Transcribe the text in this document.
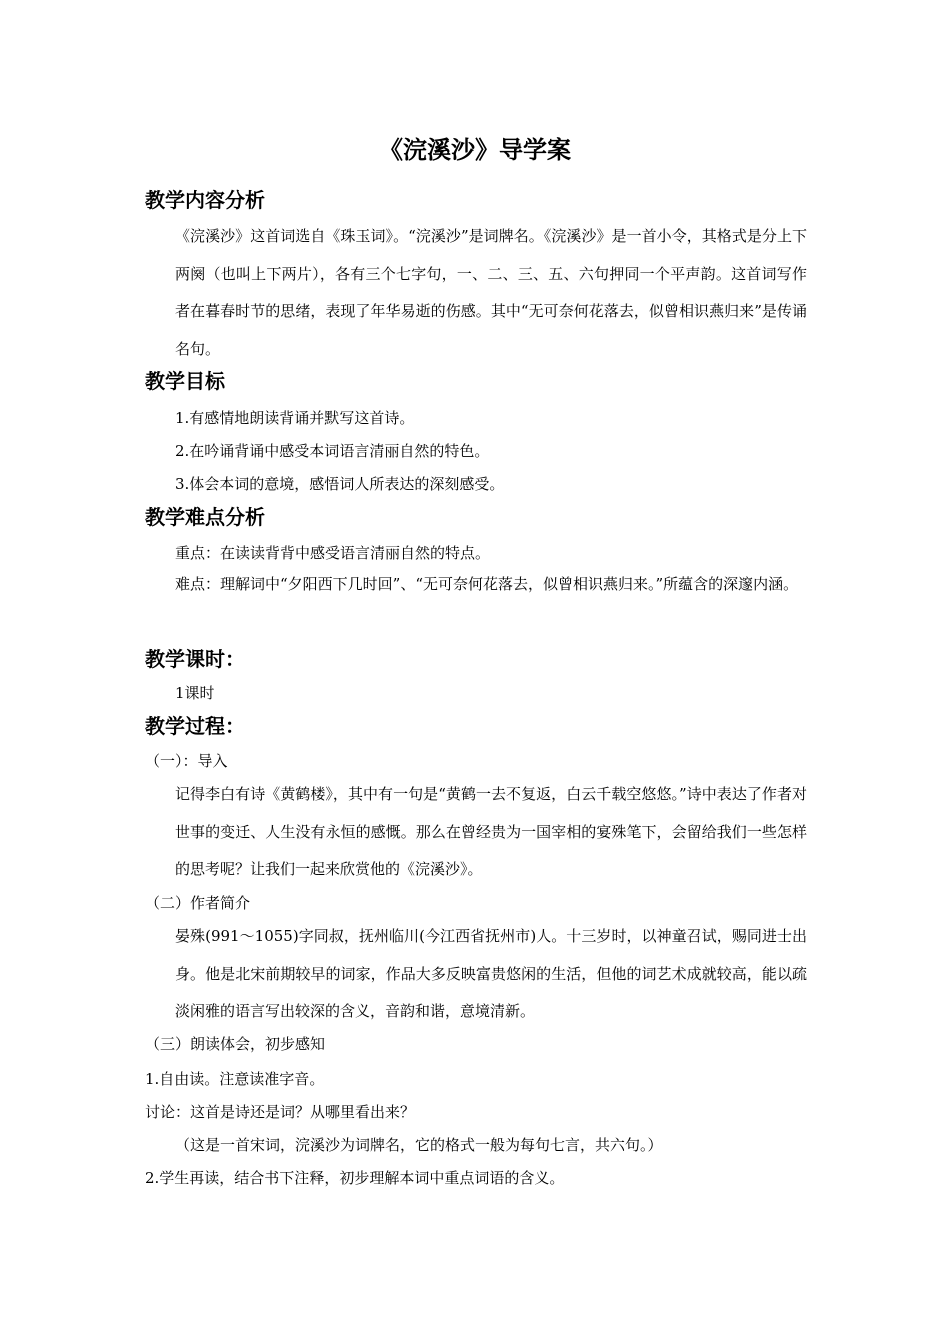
《浣溪沙》导学案
教学内容分析
《浣溪沙》这首词选自《珠玉词》。“浣溪沙”是词牌名。《浣溪沙》是一首小令，其格式是分上下两阕（也叫上下两片），各有三个七字句，一、二、三、五、六句押同一个平声韵。这首词写作者在暮春时节的思绪，表现了年华易逝的伤感。其中“无可奈何花落去，似曾相识燕归来”是传诵名句。
教学目标
1.有感情地朗读背诵并默写这首诗。
2.在吟诵背诵中感受本词语言清丽自然的特色。
3.体会本词的意境，感悟词人所表达的深刻感受。
教学难点分析
重点：在读读背背中感受语言清丽自然的特点。
难点：理解词中“夕阳西下几时回”、“无可奈何花落去，似曾相识燕归来。”所蕴含的深邃内涵。
教学课时：
1课时
教学过程：
（一）：导入
记得李白有诗《黄鹤楼》，其中有一句是“黄鹤一去不复返，白云千载空悠悠。”诗中表达了作者对世事的变迁、人生没有永恒的感慨。那么在曾经贵为一国宰相的宴殊笔下，会留给我们一些怎样的思考呢？让我们一起来欣赏他的《浣溪沙》。
（二）作者简介
晏殊(991～1055)字同叔，抚州临川(今江西省抚州市)人。十三岁时，以神童召试，赐同进士出身。他是北宋前期较早的词家，作品大多反映富贵悠闲的生活，但他的词艺术成就较高，能以疏淡闲雅的语言写出较深的含义，音韵和谐，意境清新。
（三）朗读体会，初步感知
1.自由读。注意读准字音。
讨论：这首是诗还是词？从哪里看出来？
（这是一首宋词，浣溪沙为词牌名，它的格式一般为每句七言，共六句。）
2.学生再读，结合书下注释，初步理解本词中重点词语的含义。
